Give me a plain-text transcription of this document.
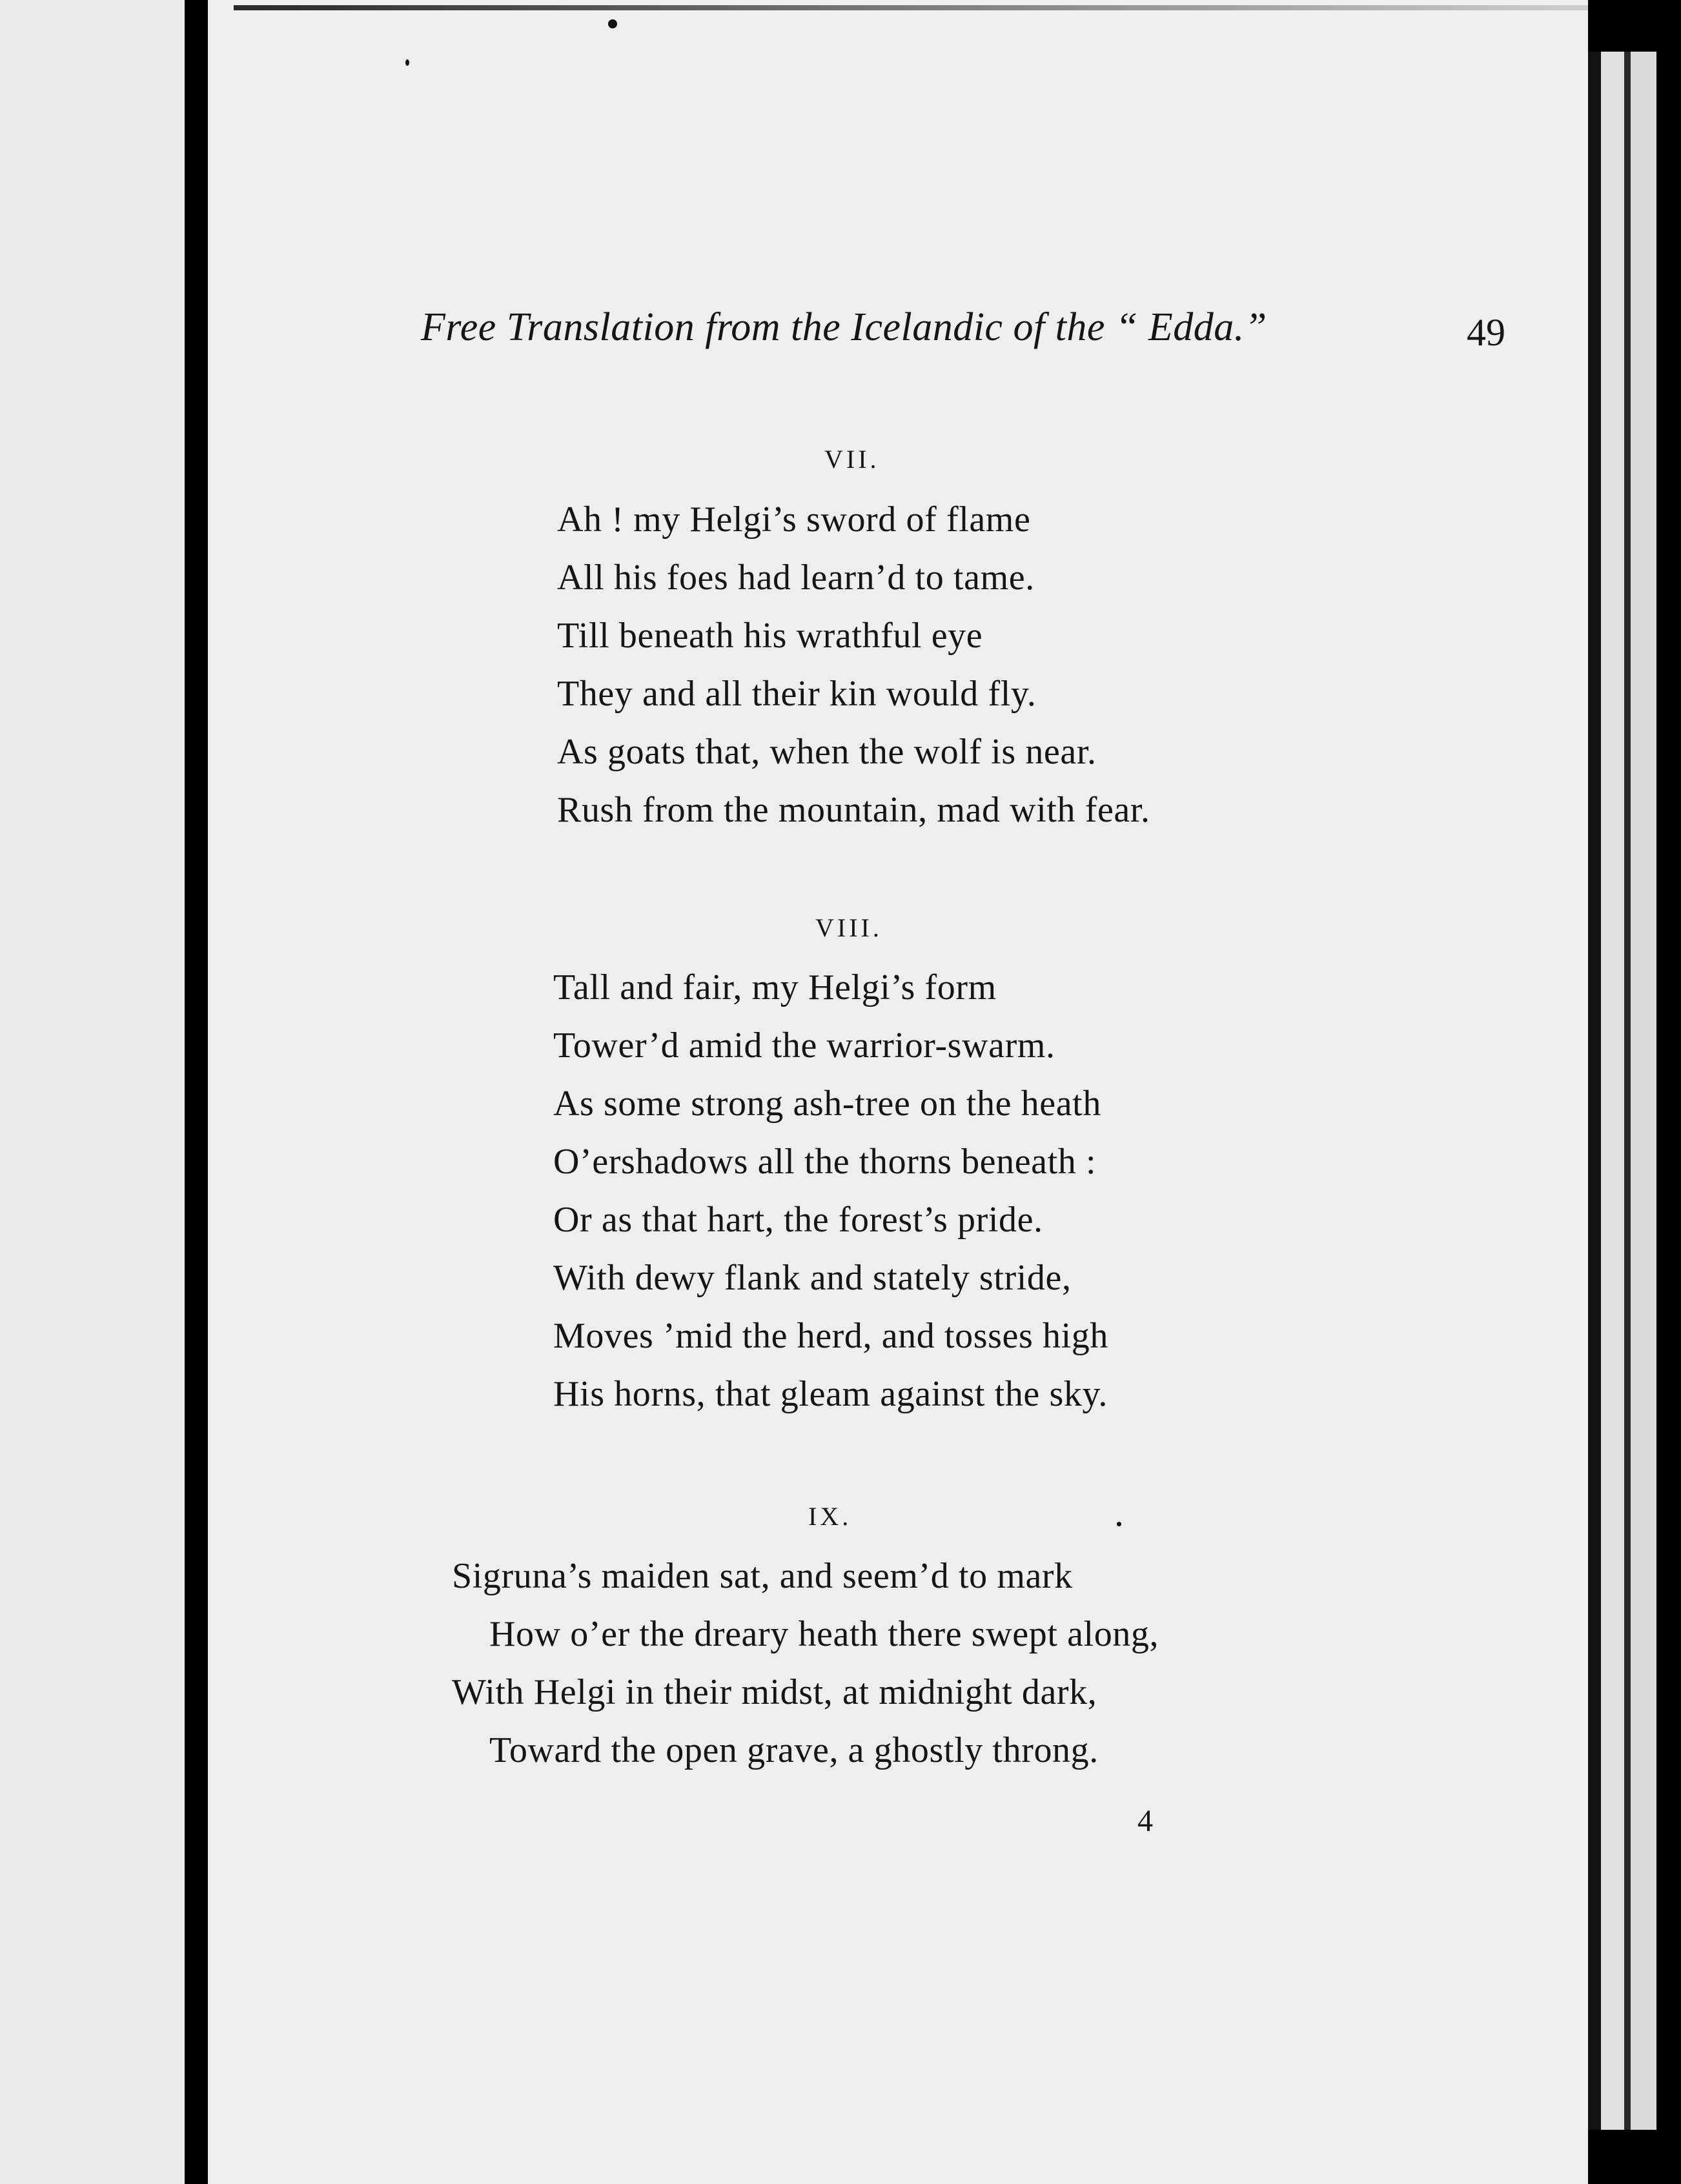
Free Translation from the Icelandic of the “ Edda.”	49
VII.
Ah ! my Helgi’s sword of flame
All his foes had learn’d to tame.
Till beneath his wrathful eye
They and all their kin would fly.
As goats that, when the wolf is near.
Rush from the mountain, mad with fear.
VIII.
Tall and fair, my Helgi’s form
Tower’d amid the warrior-swarm.
As some strong ash-tree on the heath
O’ershadows all the thorns beneath :
Or as that hart, the forest’s pride.
With dewy flank and stately stride,
Moves ’mid the herd, and tosses high
His horns, that gleam against the sky.
IX.
Sigruna’s maiden sat, and seem’d to mark
How o’er the dreary heath there swept along,
With Helgi in their midst, at midnight dark,
Toward the open grave, a ghostly throng.
4
